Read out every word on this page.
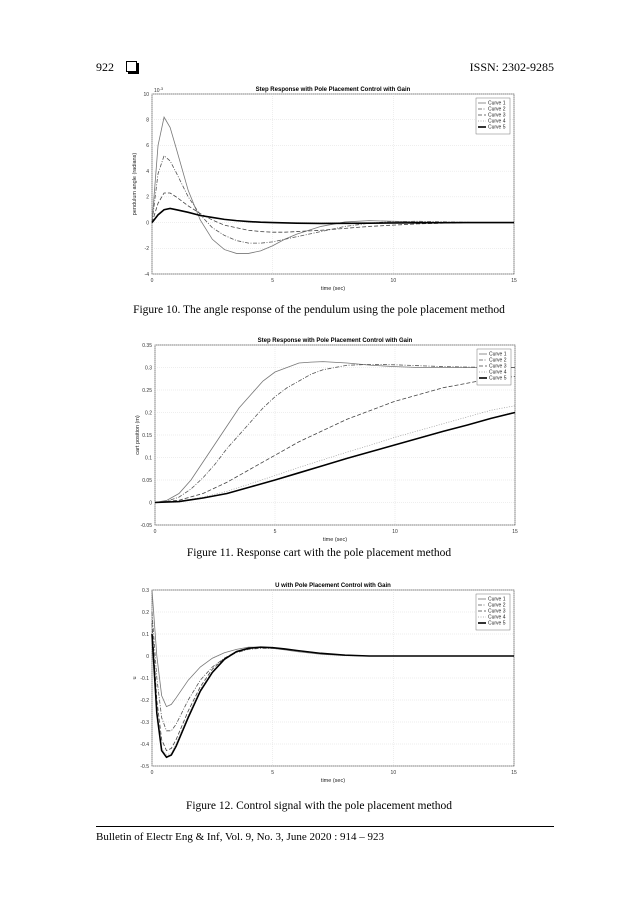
922	ISSN: 2302-9285
0	5	10	15
-4
-2
0
2
4
6
8
10
$10^{-3}$	Step Response with Pole Placement Control with Gain
time (sec)
pendulum angle (radians)
Curve 1
Curve 2
Curve 3
Curve 4
Curve 5
Figure 10. The angle response of the pendulum using the pole placement method
0	5	10	15
-0.05
0
0.05
0.1
0.15
0.2
0.25
0.3
0.35
Step Response with Pole Placement Control with Gain
time (sec)
cart position (m)
Curve 1
Curve 2
Curve 3
Curve 4
Curve 5
Figure 11. Response cart with the pole placement method
0	5	10	15
-0.5
-0.4
-0.3
-0.2
-0.1
0
0.1
0.2
0.3
U with Pole Placement Control with Gain
time (sec)
u
Curve 1
Curve 2
Curve 3
Curve 4
Curve 5
Figure 12. Control signal with the pole placement method
Bulletin of Electr Eng & Inf, Vol. 9, No. 3, June 2020 : 914 – 923
